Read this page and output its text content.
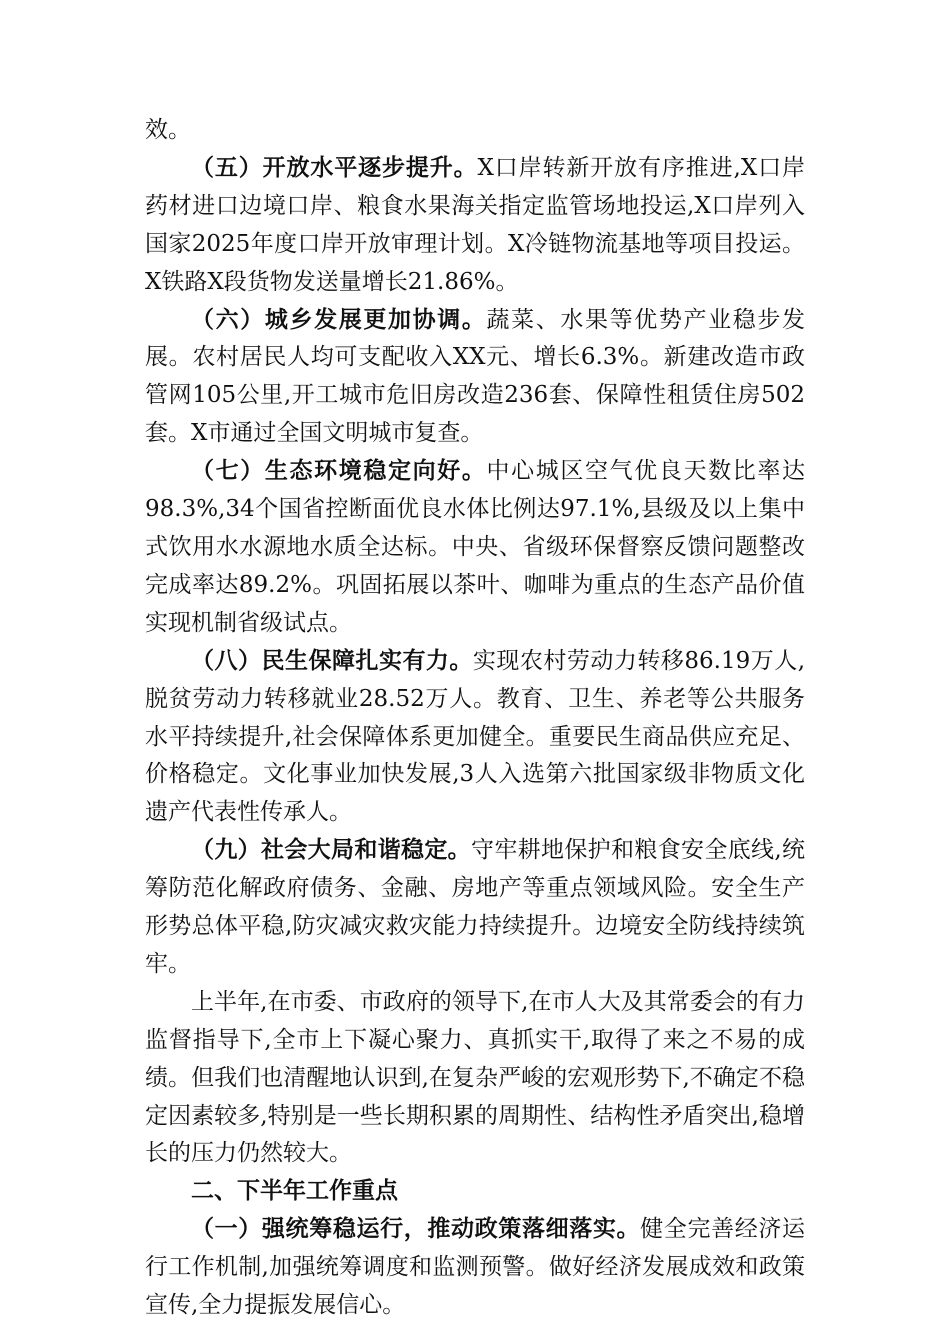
效。

（五）开放水平逐步提升。X口岸转新开放有序推进,X口岸药材进口边境口岸、粮食水果海关指定监管场地投运,X口岸列入国家2025年度口岸开放审理计划。X冷链物流基地等项目投运。X铁路X段货物发送量增长21.86%。

（六）城乡发展更加协调。蔬菜、水果等优势产业稳步发展。农村居民人均可支配收入XX元、增长6.3%。新建改造市政管网105公里,开工城市危旧房改造236套、保障性租赁住房502套。X市通过全国文明城市复查。

（七）生态环境稳定向好。中心城区空气优良天数比率达98.3%,34个国省控断面优良水体比例达97.1%,县级及以上集中式饮用水水源地水质全达标。中央、省级环保督察反馈问题整改完成率达89.2%。巩固拓展以茶叶、咖啡为重点的生态产品价值实现机制省级试点。

（八）民生保障扎实有力。实现农村劳动力转移86.19万人,脱贫劳动力转移就业28.52万人。教育、卫生、养老等公共服务水平持续提升,社会保障体系更加健全。重要民生商品供应充足、价格稳定。文化事业加快发展,3人入选第六批国家级非物质文化遗产代表性传承人。

（九）社会大局和谐稳定。守牢耕地保护和粮食安全底线,统筹防范化解政府债务、金融、房地产等重点领域风险。安全生产形势总体平稳,防灾减灾救灾能力持续提升。边境安全防线持续筑牢。

上半年,在市委、市政府的领导下,在市人大及其常委会的有力监督指导下,全市上下凝心聚力、真抓实干,取得了来之不易的成绩。但我们也清醒地认识到,在复杂严峻的宏观形势下,不确定不稳定因素较多,特别是一些长期积累的周期性、结构性矛盾突出,稳增长的压力仍然较大。

二、下半年工作重点

（一）强统筹稳运行，推动政策落细落实。健全完善经济运行工作机制,加强统筹调度和监测预警。做好经济发展成效和政策宣传,全力提振发展信心。
